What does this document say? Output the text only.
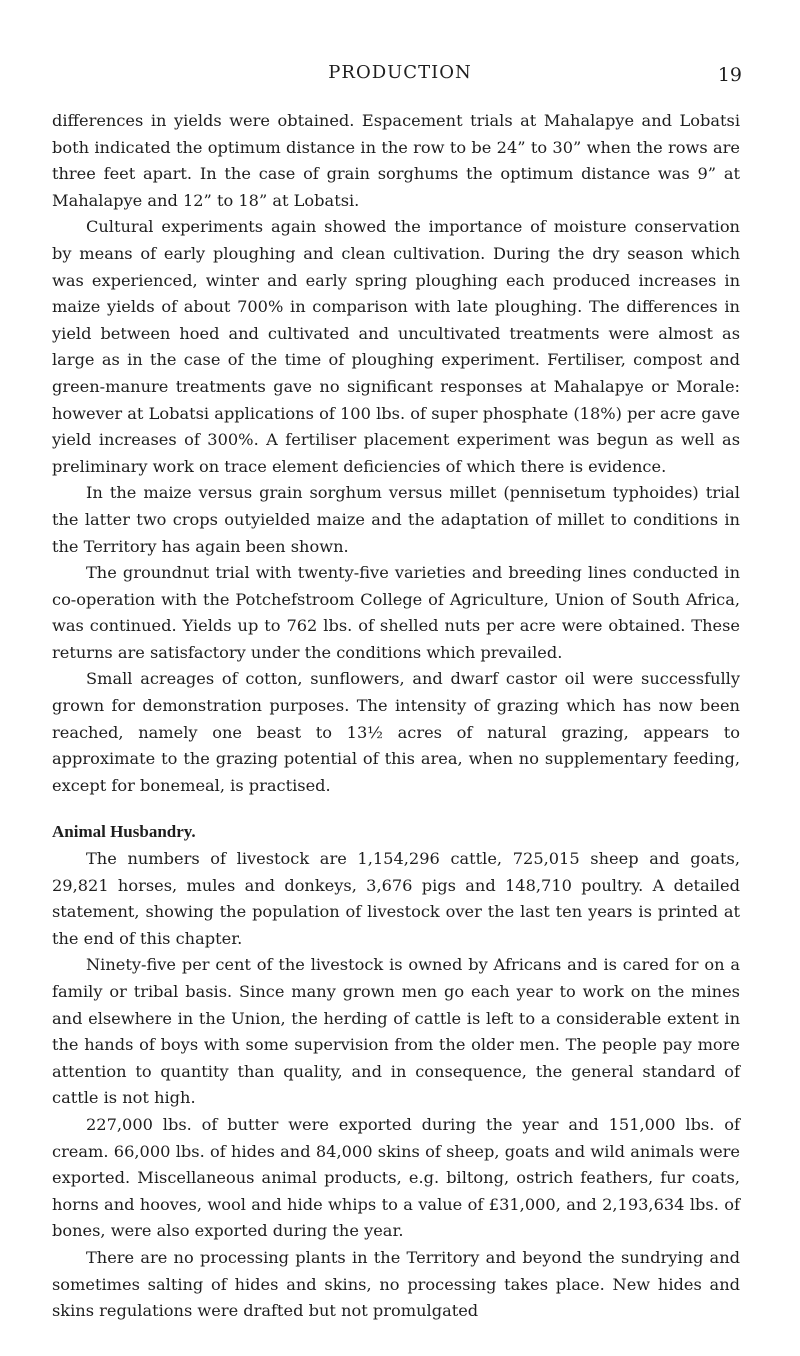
PRODUCTION	19

differences in yields were obtained. Espacement trials at Mahalapye and Lobatsi both indicated the optimum distance in the row to be 24” to 30” when the rows are three feet apart. In the case of grain sorghums the optimum distance was 9” at Mahalapye and 12” to 18” at Lobatsi.

Cultural experiments again showed the importance of moisture conservation by means of early ploughing and clean cultivation. During the dry season which was experienced, winter and early spring ploughing each produced increases in maize yields of about 700% in comparison with late ploughing. The differences in yield between hoed and cultivated and uncultivated treatments were almost as large as in the case of the time of ploughing experiment. Fertiliser, compost and green-manure treatments gave no significant responses at Mahalapye or Morale: however at Lobatsi applications of 100 lbs. of super phosphate (18%) per acre gave yield increases of 300%. A fertiliser placement experiment was begun as well as preliminary work on trace element deficiencies of which there is evidence.

In the maize versus grain sorghum versus millet (pennisetum typhoides) trial the latter two crops outyielded maize and the adaptation of millet to conditions in the Territory has again been shown.

The groundnut trial with twenty-five varieties and breeding lines conducted in co-operation with the Potchefstroom College of Agriculture, Union of South Africa, was continued. Yields up to 762 lbs. of shelled nuts per acre were obtained. These returns are satisfactory under the conditions which prevailed.

Small acreages of cotton, sunflowers, and dwarf castor oil were successfully grown for demonstration purposes. The intensity of grazing which has now been reached, namely one beast to 13½ acres of natural grazing, appears to approximate to the grazing potential of this area, when no supplementary feeding, except for bonemeal, is practised.

Animal Husbandry.

The numbers of livestock are 1,154,296 cattle, 725,015 sheep and goats, 29,821 horses, mules and donkeys, 3,676 pigs and 148,710 poultry. A detailed statement, showing the population of livestock over the last ten years is printed at the end of this chapter.

Ninety-five per cent of the livestock is owned by Africans and is cared for on a family or tribal basis. Since many grown men go each year to work on the mines and elsewhere in the Union, the herding of cattle is left to a considerable extent in the hands of boys with some supervision from the older men. The people pay more attention to quantity than quality, and in consequence, the general standard of cattle is not high.

227,000 lbs. of butter were exported during the year and 151,000 lbs. of cream. 66,000 lbs. of hides and 84,000 skins of sheep, goats and wild animals were exported. Miscellaneous animal products, e.g. biltong, ostrich feathers, fur coats, horns and hooves, wool and hide whips to a value of £31,000, and 2,193,634 lbs. of bones, were also exported during the year.

There are no processing plants in the Territory and beyond the sundrying and sometimes salting of hides and skins, no processing takes place. New hides and skins regulations were drafted but not promulgated
